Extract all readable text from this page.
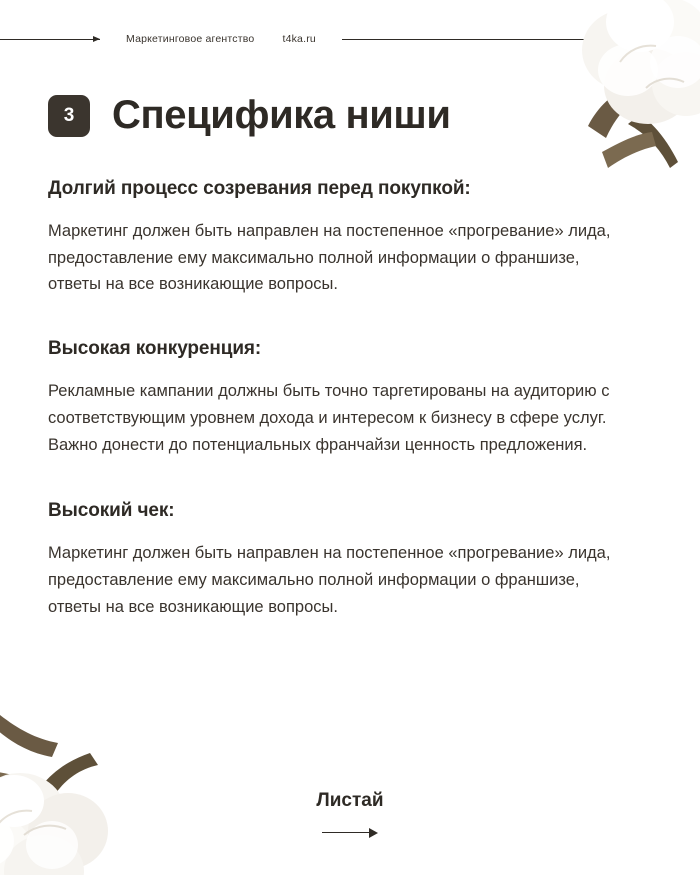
Маркетинговое агентство	t4ka.ru
3 Специфика ниши

Долгий процесс созревания перед покупкой:

Маркетинг должен быть направлен на постепенное «прогревание» лида, предоставление ему максимально полной информации о франшизе, ответы на все возникающие вопросы.

Высокая конкуренция:

Рекламные кампании должны быть точно таргетированы на аудиторию с соответствующим уровнем дохода и интересом к бизнесу в сфере услуг. Важно донести до потенциальных франчайзи ценность предложения.

Высокий чек:

Маркетинг должен быть направлен на постепенное «прогревание» лида, предоставление ему максимально полной информации о франшизе, ответы на все возникающие вопросы.

Листай
